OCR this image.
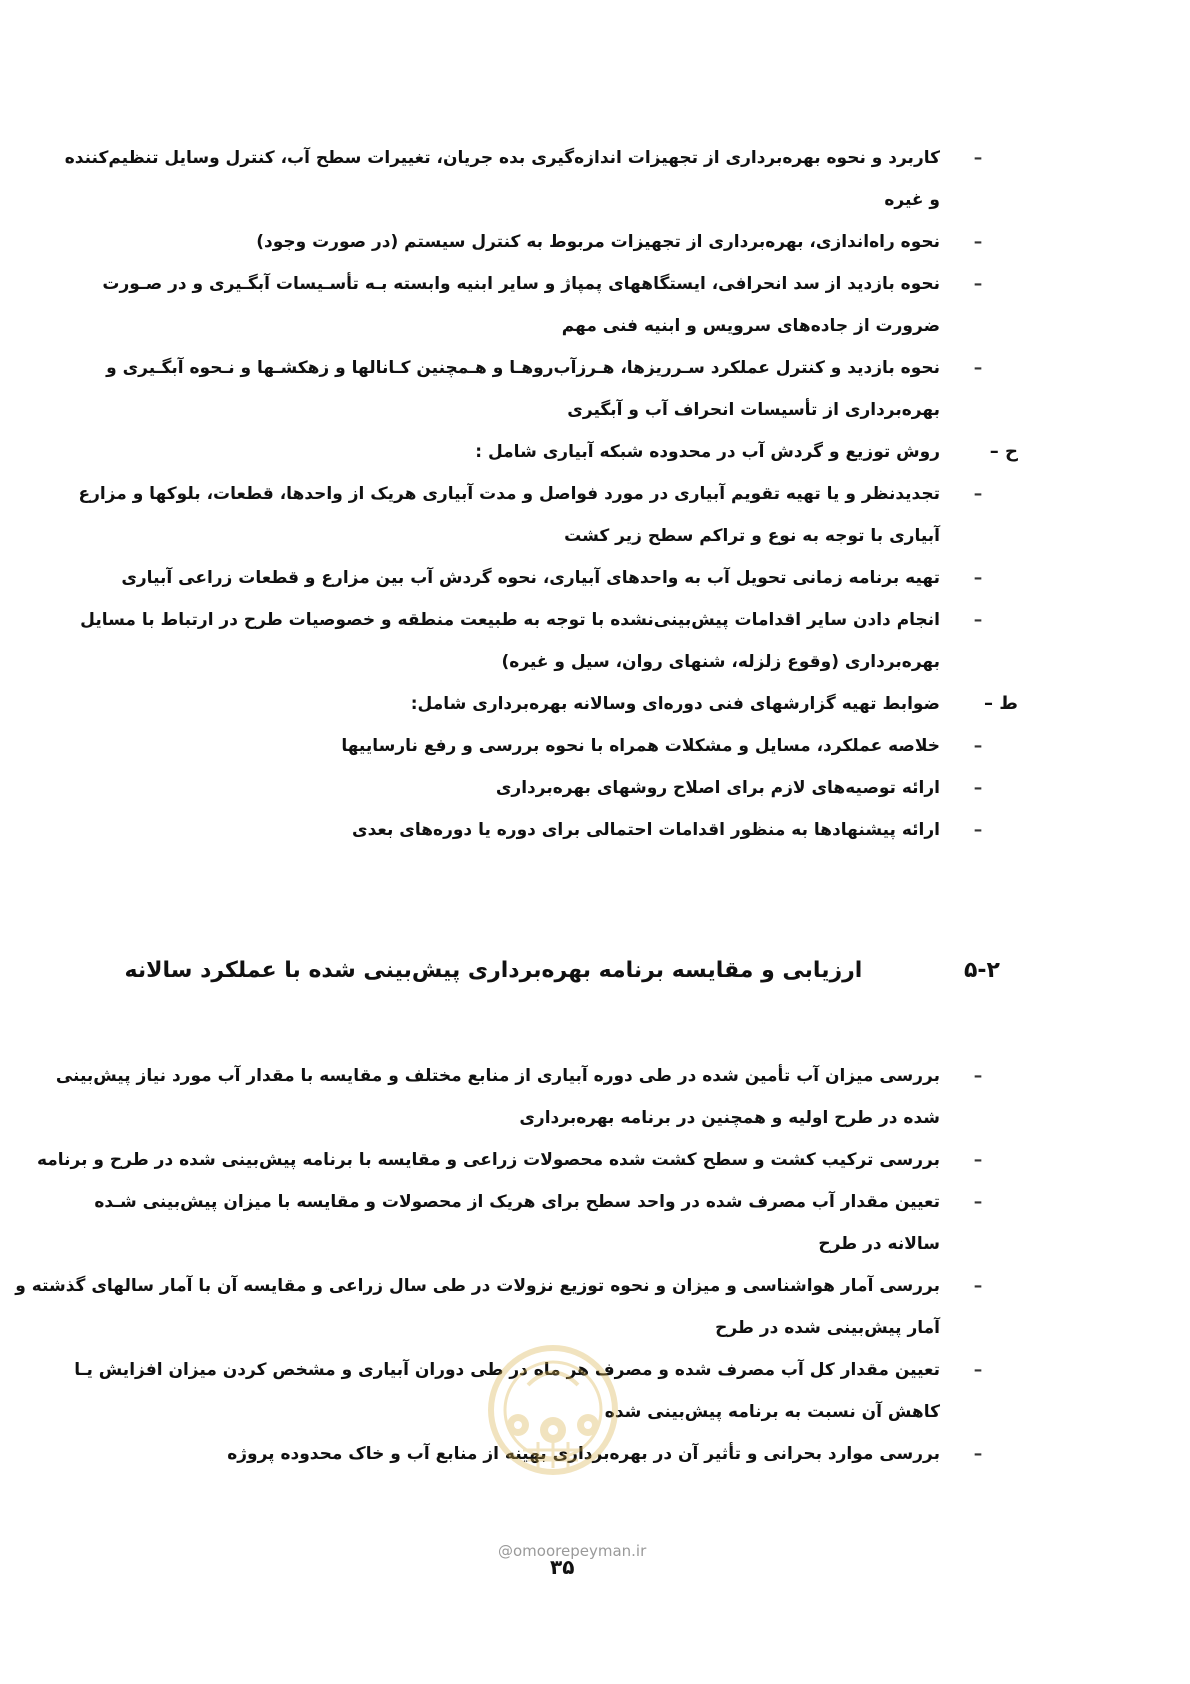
–
کاربرد و نحوه بهره‌برداری از تجهیزات اندازه‌گیری بده جریان، تغییرات سطح آب، کنترل وسایل تنظیم‌کننده
و غیره
–
نحوه راه‌اندازی، بهره‌برداری از تجهیزات مربوط به کنترل سیستم (در صورت وجود)
–
نحوه بازدید از سد انحرافی، ایستگاههای پمپاژ و سایر ابنیه وابسته بـه تأسـیسات آبگـیری و در صـورت
ضرورت از جاده‌های سرویس و ابنیه فنی مهم
–
نحوه بازدید و کنترل عملکرد سـرریزها، هـرزآب‌روهـا و هـمچنین کـانالها و زهکشـها و نـحوه آبگـیری و
بهره‌برداری از تأسیسات انحراف آب و آبگیری
ح –
روش توزیع و گردش آب در محدوده شبکه آبیاری شامل :
–
تجدیدنظر و یا تهیه تقویم آبیاری در مورد فواصل و مدت آبیاری هریک از واحدها، قطعات، بلوکها و مزارع
آبیاری با توجه به نوع و تراکم سطح زیر کشت
–
تهیه برنامه زمانی تحویل آب به واحدهای آبیاری، نحوه گردش آب بین مزارع و قطعات زراعی آبیاری
–
انجام دادن سایر اقدامات پیش‌بینی‌نشده با توجه به طبیعت منطقه و خصوصیات طرح در ارتباط با مسایل
بهره‌برداری (وقوع زلزله، شنهای روان، سیل و غیره)
ط –
ضوابط تهیه گزارشهای فنی دوره‌ای وسالانه بهره‌برداری شامل:
–
خلاصه عملکرد، مسایل و مشکلات همراه با نحوه بررسی و رفع نارساییها
–
ارائه توصیه‌های لازم برای اصلاح روشهای بهره‌برداری
–
ارائه پیشنهادها به منظور اقدامات احتمالی برای دوره یا دوره‌های بعدی
۵-۲ ارزیابی و مقایسه برنامه بهره‌برداری پیش‌بینی شده با عملکرد سالانه
–
بررسی میزان آب تأمین شده در طی دوره آبیاری از منابع مختلف و مقایسه با مقدار آب مورد نیاز پیش‌بینی
شده در طرح اولیه و همچنین در برنامه بهره‌برداری
–
بررسی ترکیب کشت و سطح کشت شده محصولات زراعی و مقایسه با برنامه پیش‌بینی شده در طرح و برنامه
–
تعیین مقدار آب مصرف شده در واحد سطح برای هریک از محصولات و مقایسه با میزان پیش‌بینی شـده
سالانه در طرح
–
بررسی آمار هواشناسی و میزان و نحوه توزیع نزولات در طی سال زراعی و مقایسه آن با آمار سالهای گذشته و
آمار پیش‌بینی شده در طرح
–
تعیین مقدار کل آب مصرف شده و مصرف هر ماه در طی دوران آبیاری و مشخص کردن میزان افزایش یـا
کاهش آن نسبت به برنامه پیش‌بینی شده
–
بررسی موارد بحرانی و تأثیر آن در بهره‌برداری بهینه از منابع آب و خاک محدوده پروژه
@omoorepeyman.ir
۳۵
